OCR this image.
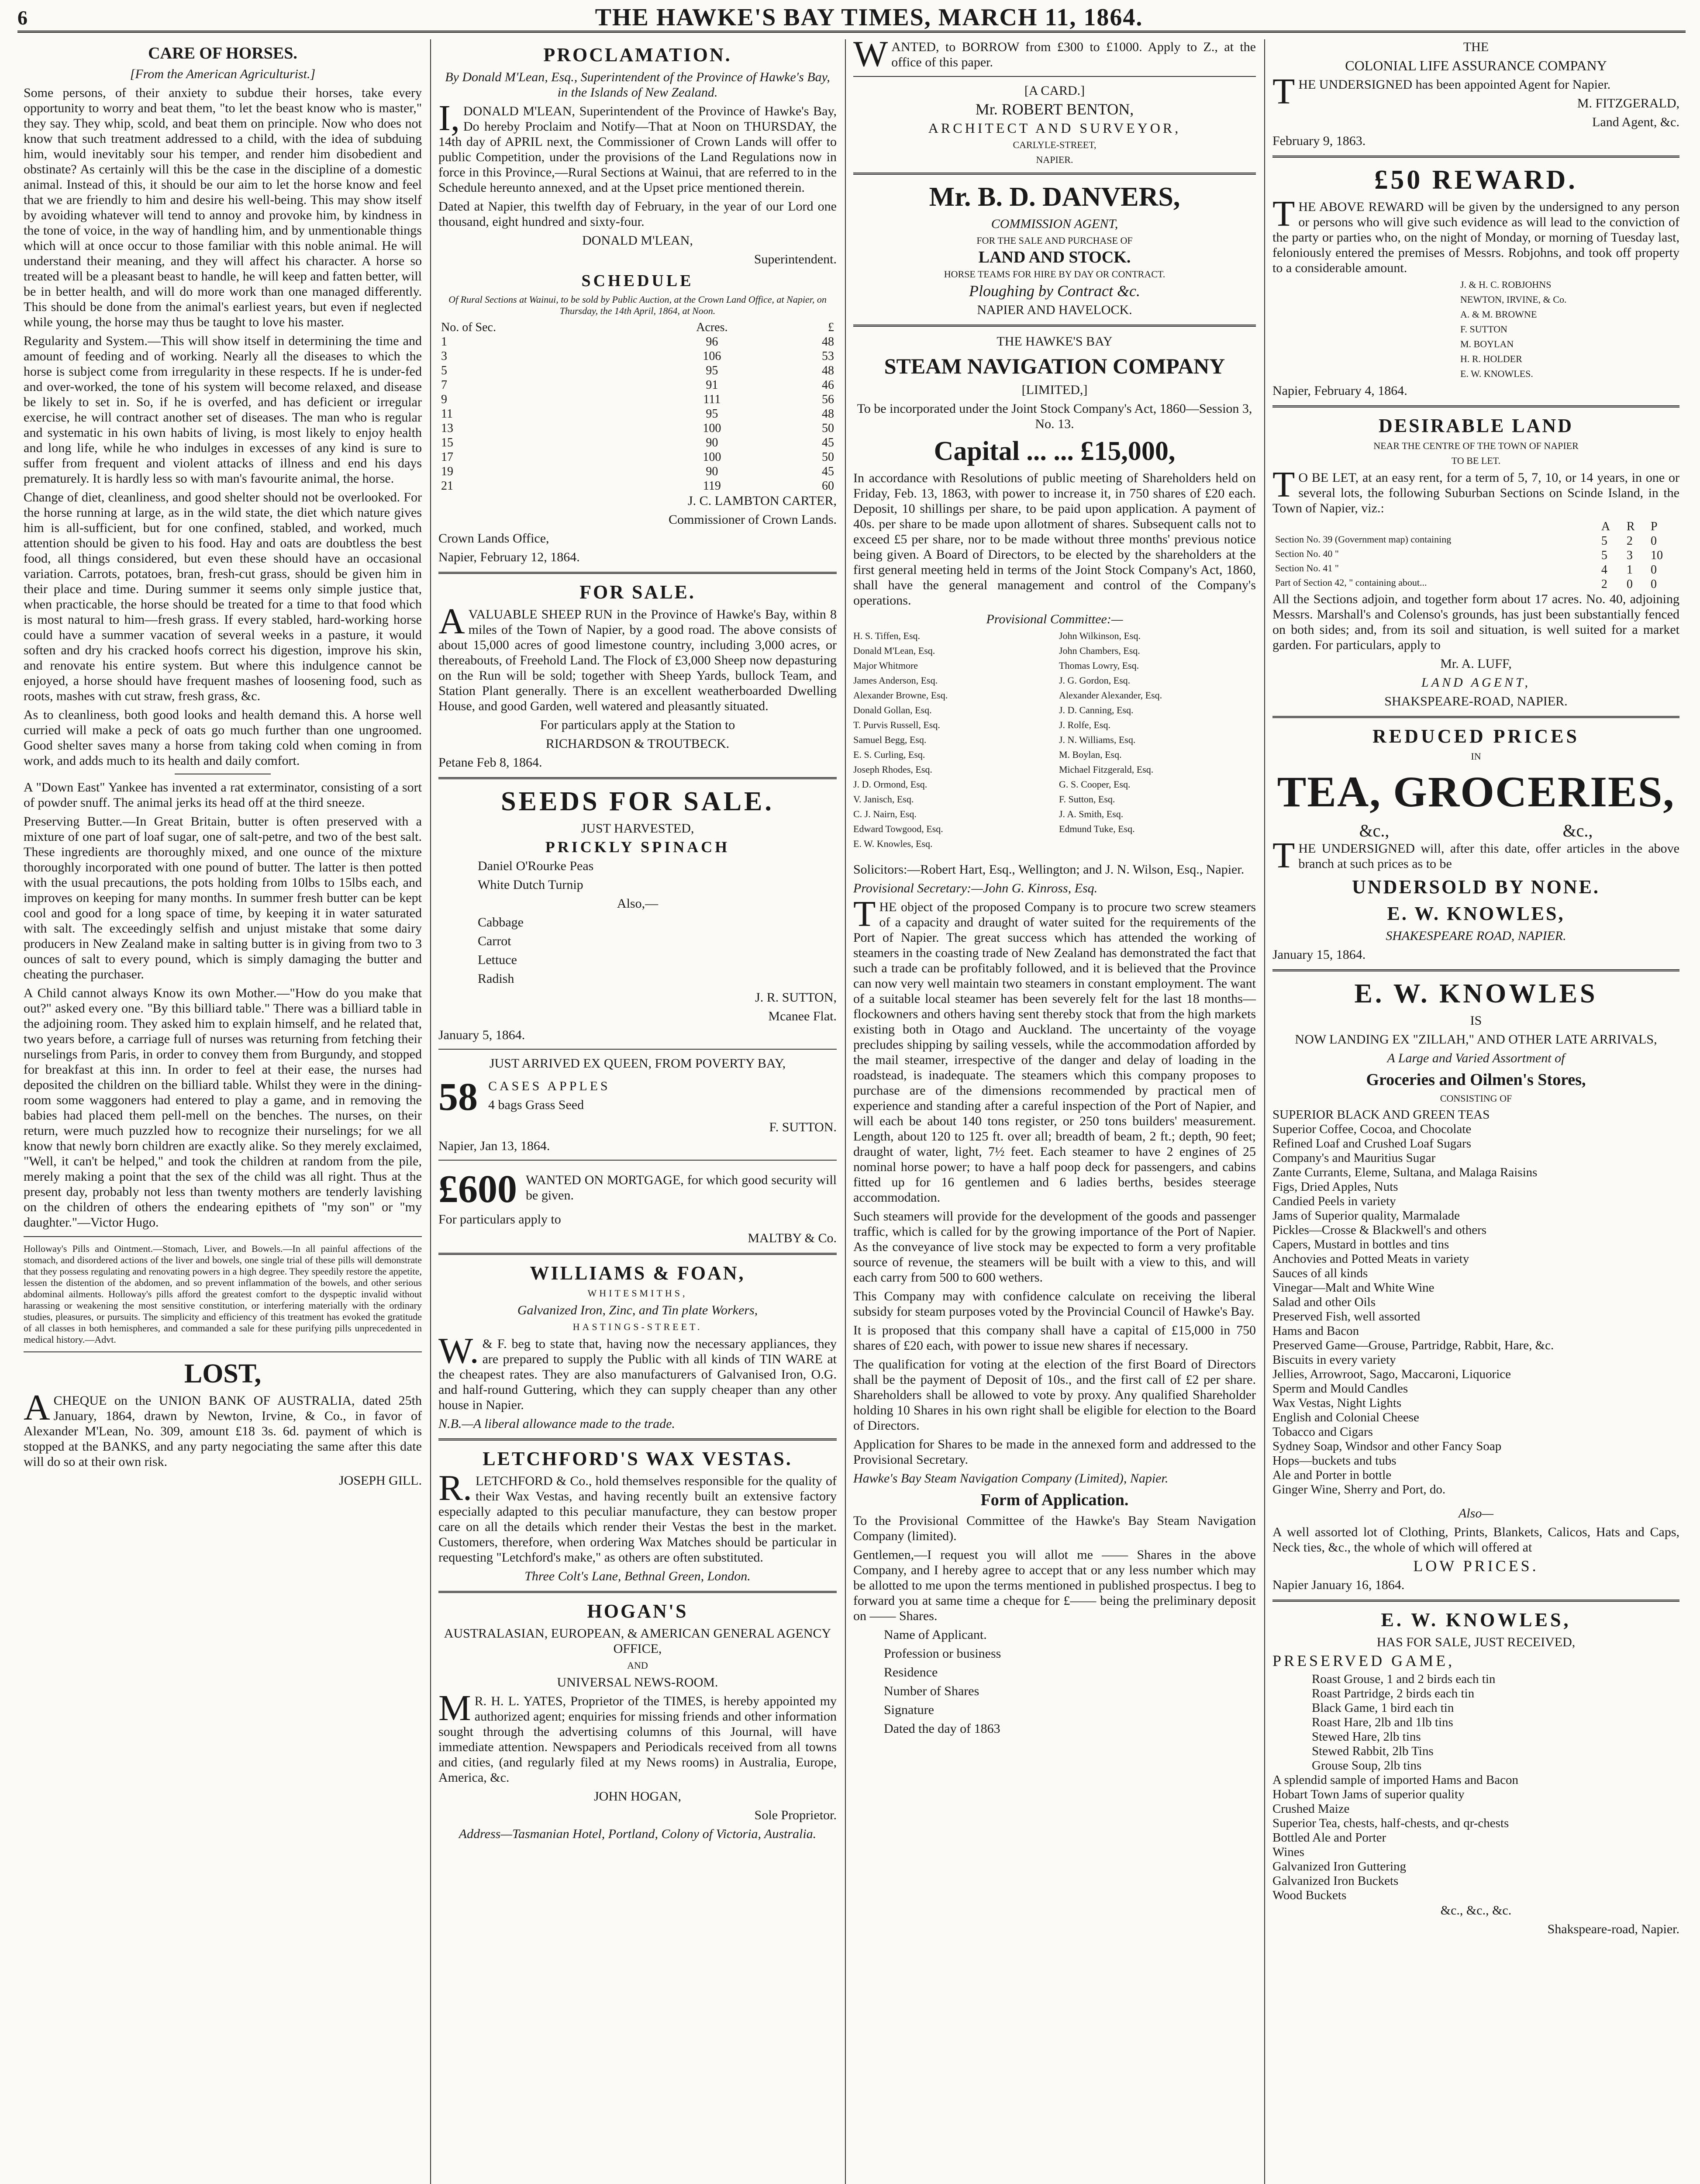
6	THE HAWKE'S BAY TIMES, MARCH 11, 1864.
CARE OF HORSES.

[From the American Agriculturist.]

Some persons, of their anxiety to subdue their horses, take every opportunity to worry and beat them, "to let the beast know who is master," they say. They whip, scold, and beat them on principle. Now who does not know that such treatment addressed to a child, with the idea of subduing him, would inevitably sour his temper, and render him disobedient and obstinate? As certainly will this be the case in the discipline of a domestic animal. Instead of this, it should be our aim to let the horse know and feel that we are friendly to him and desire his well-being. This may show itself by avoiding whatever will tend to annoy and provoke him, by kindness in the tone of voice, in the way of handling him, and by unmentionable things which will at once occur to those familiar with this noble animal. He will understand their meaning, and they will affect his character. A horse so treated will be a pleasant beast to handle, he will keep and fatten better, will be in better health, and will do more work than one managed differently. This should be done from the animal's earliest years, but even if neglected while young, the horse may thus be taught to love his master.

Regularity and System.—This will show itself in determining the time and amount of feeding and of working. Nearly all the diseases to which the horse is subject come from irregularity in these respects. If he is under-fed and over-worked, the tone of his system will become relaxed, and disease be likely to set in. So, if he is overfed, and has deficient or irregular exercise, he will contract another set of diseases. The man who is regular and systematic in his own habits of living, is most likely to enjoy health and long life, while he who indulges in excesses of any kind is sure to suffer from frequent and violent attacks of illness and end his days prematurely. It is hardly less so with man's favourite animal, the horse.

Change of diet, cleanliness, and good shelter should not be overlooked. For the horse running at large, as in the wild state, the diet which nature gives him is all-sufficient, but for one confined, stabled, and worked, much attention should be given to his food. Hay and oats are doubtless the best food, all things considered, but even these should have an occasional variation. Carrots, potatoes, bran, fresh-cut grass, should be given him in their place and time. During summer it seems only simple justice that, when practicable, the horse should be treated for a time to that food which is most natural to him—fresh grass. If every stabled, hard-working horse could have a summer vacation of several weeks in a pasture, it would soften and dry his cracked hoofs correct his digestion, improve his skin, and renovate his entire system. But where this indulgence cannot be enjoyed, a horse should have frequent mashes of loosening food, such as roots, mashes with cut straw, fresh grass, &c.

As to cleanliness, both good looks and health demand this. A horse well curried will make a peck of oats go much further than one ungroomed. Good shelter saves many a horse from taking cold when coming in from work, and adds much to its health and daily comfort.

A "Down East" Yankee has invented a rat exterminator, consisting of a sort of powder snuff. The animal jerks its head off at the third sneeze.

Preserving Butter.—In Great Britain, butter is often preserved with a mixture of one part of loaf sugar, one of salt-petre, and two of the best salt. These ingredients are thoroughly mixed, and one ounce of the mixture thoroughly incorporated with one pound of butter. The latter is then potted with the usual precautions, the pots holding from 10lbs to 15lbs each, and improves on keeping for many months. In summer fresh butter can be kept cool and good for a long space of time, by keeping it in water saturated with salt. The exceedingly selfish and unjust mistake that some dairy producers in New Zealand make in salting butter is in giving from two to 3 ounces of salt to every pound, which is simply damaging the butter and cheating the purchaser.

A Child cannot always Know its own Mother.—"How do you make that out?" asked every one. "By this billiard table." There was a billiard table in the adjoining room. They asked him to explain himself, and he related that, two years before, a carriage full of nurses was returning from fetching their nurselings from Paris, in order to convey them from Burgundy, and stopped for breakfast at this inn. In order to feel at their ease, the nurses had deposited the children on the billiard table. Whilst they were in the dining-room some waggoners had entered to play a game, and in removing the babies had placed them pell-mell on the benches. The nurses, on their return, were much puzzled how to recognize their nurselings; for we all know that newly born children are exactly alike. So they merely exclaimed, "Well, it can't be helped," and took the children at random from the pile, merely making a point that the sex of the child was all right. Thus at the present day, probably not less than twenty mothers are tenderly lavishing on the children of others the endearing epithets of "my son" or "my daughter."—Victor Hugo.

Holloway's Pills and Ointment.—Stomach, Liver, and Bowels.—In all painful affections of the stomach, and disordered actions of the liver and bowels, one single trial of these pills will demonstrate that they possess regulating and renovating powers in a high degree. They speedily restore the appetite, lessen the distention of the abdomen, and so prevent inflammation of the bowels, and other serious abdominal ailments. Holloway's pills afford the greatest comfort to the dyspeptic invalid without harassing or weakening the most sensitive constitution, or interfering materially with the ordinary studies, pleasures, or pursuits. The simplicity and efficiency of this treatment has evoked the gratitude of all classes in both hemispheres, and commanded a sale for these purifying pills unprecedented in medical history.—Advt.

LOST,

ACHEQUE on the UNION BANK OF AUSTRALIA, dated 25th January, 1864, drawn by Newton, Irvine, & Co., in favor of Alexander M'Lean, No. 309, amount £18 3s. 6d. payment of which is stopped at the BANKS, and any party negociating the same after this date will do so at their own risk.

JOSEPH GILL.

PROCLAMATION.

By Donald M'Lean, Esq., Superintendent of the Province of Hawke's Bay, in the Islands of New Zealand.

I,DONALD M'LEAN, Superintendent of the Province of Hawke's Bay, Do hereby Proclaim and Notify—That at Noon on THURSDAY, the 14th day of APRIL next, the Commissioner of Crown Lands will offer to public Competition, under the provisions of the Land Regulations now in force in this Province,—Rural Sections at Wainui, that are referred to in the Schedule hereunto annexed, and at the Upset price mentioned therein.

Dated at Napier, this twelfth day of February, in the year of our Lord one thousand, eight hundred and sixty-four.

DONALD M'LEAN,

Superintendent.

SCHEDULE

Of Rural Sections at Wainui, to be sold by Public Auction, at the Crown Land Office, at Napier, on Thursday, the 14th April, 1864, at Noon.

No. of Sec.	Acres.	£
1	96	48
3	106	53
5	95	48
7	91	46
9	111	56
11	95	48
13	100	50
15	90	45
17	100	50
19	90	45
21	119	60

J. C. LAMBTON CARTER,

Commissioner of Crown Lands.

Crown Lands Office,

Napier, February 12, 1864.

FOR SALE.

AVALUABLE SHEEP RUN in the Province of Hawke's Bay, within 8 miles of the Town of Napier, by a good road. The above consists of about 15,000 acres of good limestone country, including 3,000 acres, or thereabouts, of Freehold Land. The Flock of £3,000 Sheep now depasturing on the Run will be sold; together with Sheep Yards, bullock Team, and Station Plant generally. There is an excellent weatherboarded Dwelling House, and good Garden, well watered and pleasantly situated.

For particulars apply at the Station to

RICHARDSON & TROUTBECK.

Petane Feb 8, 1864.

SEEDS FOR SALE.

JUST HARVESTED,

PRICKLY SPINACH

Daniel O'Rourke Peas

White Dutch Turnip

Also,—

Cabbage

Carrot

Lettuce

Radish

J. R. SUTTON,

Mcanee Flat.

January 5, 1864.

JUST ARRIVED EX QUEEN, FROM POVERTY BAY,

58 CASES APPLES

4 bags Grass Seed

F. SUTTON.

Napier, Jan 13, 1864.

£600 WANTED ON MORTGAGE, for which good security will be given.

For particulars apply to

MALTBY & Co.

WILLIAMS & FOAN,

WHITESMITHS,

Galvanized Iron, Zinc, and Tin plate Workers,

HASTINGS-STREET.

W.& F. beg to state that, having now the necessary appliances, they are prepared to supply the Public with all kinds of TIN WARE at the cheapest rates. They are also manufacturers of Galvanised Iron, O.G. and half-round Guttering, which they can supply cheaper than any other house in Napier.

N.B.—A liberal allowance made to the trade.

LETCHFORD'S WAX VESTAS.

R.LETCHFORD & Co., hold themselves responsible for the quality of their Wax Vestas, and having recently built an extensive factory especially adapted to this peculiar manufacture, they can bestow proper care on all the details which render their Vestas the best in the market. Customers, therefore, when ordering Wax Matches should be particular in requesting "Letchford's make," as others are often substituted.

Three Colt's Lane, Bethnal Green, London.

HOGAN'S

AUSTRALASIAN, EUROPEAN, & AMERICAN GENERAL AGENCY OFFICE,

AND

UNIVERSAL NEWS-ROOM.

MR. H. L. YATES, Proprietor of the TIMES, is hereby appointed my authorized agent; enquiries for missing friends and other information sought through the advertising columns of this Journal, will have immediate attention. Newspapers and Periodicals received from all towns and cities, (and regularly filed at my News rooms) in Australia, Europe, America, &c.

JOHN HOGAN,

Sole Proprietor.

Address—Tasmanian Hotel, Portland, Colony of Victoria, Australia.

WANTED, to BORROW from £300 to £1000. Apply to Z., at the office of this paper.

[A CARD.]

Mr. ROBERT BENTON,

ARCHITECT AND SURVEYOR,

CARLYLE-STREET,

NAPIER.

Mr. B. D. DANVERS,

COMMISSION AGENT,

FOR THE SALE AND PURCHASE OF

LAND AND STOCK.

HORSE TEAMS FOR HIRE BY DAY OR CONTRACT.

Ploughing by Contract &c.

NAPIER AND HAVELOCK.

THE HAWKE'S BAY

STEAM NAVIGATION COMPANY

[LIMITED,]

To be incorporated under the Joint Stock Company's Act, 1860—Session 3, No. 13.

Capital ... ... £15,000,

In accordance with Resolutions of public meeting of Shareholders held on Friday, Feb. 13, 1863, with power to increase it, in 750 shares of £20 each. Deposit, 10 shillings per share, to be paid upon application. A payment of 40s. per share to be made upon allotment of shares. Subsequent calls not to exceed £5 per share, nor to be made without three months' previous notice being given. A Board of Directors, to be elected by the shareholders at the first general meeting held in terms of the Joint Stock Company's Act, 1860, shall have the general management and control of the Company's operations.

Provisional Committee:—

H. S. Tiffen, Esq.

Donald M'Lean, Esq.

Major Whitmore

James Anderson, Esq.

Alexander Browne, Esq.

Donald Gollan, Esq.

T. Purvis Russell, Esq.

Samuel Begg, Esq.

E. S. Curling, Esq.

Joseph Rhodes, Esq.

J. D. Ormond, Esq.

V. Janisch, Esq.

C. J. Nairn, Esq.

Edward Towgood, Esq.

E. W. Knowles, Esq.

John Wilkinson, Esq.

John Chambers, Esq.

Thomas Lowry, Esq.

J. G. Gordon, Esq.

Alexander Alexander, Esq.

J. D. Canning, Esq.

J. Rolfe, Esq.

J. N. Williams, Esq.

M. Boylan, Esq.

Michael Fitzgerald, Esq.

G. S. Cooper, Esq.

F. Sutton, Esq.

J. A. Smith, Esq.

Edmund Tuke, Esq.

Solicitors:—Robert Hart, Esq., Wellington; and J. N. Wilson, Esq., Napier.

Provisional Secretary:—John G. Kinross, Esq.

THE object of the proposed Company is to procure two screw steamers of a capacity and draught of water suited for the requirements of the Port of Napier. The great success which has attended the working of steamers in the coasting trade of New Zealand has demonstrated the fact that such a trade can be profitably followed, and it is believed that the Province can now very well maintain two steamers in constant employment. The want of a suitable local steamer has been severely felt for the last 18 months—flockowners and others having sent thereby stock that from the high markets existing both in Otago and Auckland. The uncertainty of the voyage precludes shipping by sailing vessels, while the accommodation afforded by the mail steamer, irrespective of the danger and delay of loading in the roadstead, is inadequate. The steamers which this company proposes to purchase are of the dimensions recommended by practical men of experience and standing after a careful inspection of the Port of Napier, and will each be about 140 tons register, or 250 tons builders' measurement. Length, about 120 to 125 ft. over all; breadth of beam, 2 ft.; depth, 90 feet; draught of water, light, 7½ feet. Each steamer to have 2 engines of 25 nominal horse power; to have a half poop deck for passengers, and cabins fitted up for 16 gentlemen and 6 ladies berths, besides steerage accommodation.

Such steamers will provide for the development of the goods and passenger traffic, which is called for by the growing importance of the Port of Napier. As the conveyance of live stock may be expected to form a very profitable source of revenue, the steamers will be built with a view to this, and will each carry from 500 to 600 wethers.

This Company may with confidence calculate on receiving the liberal subsidy for steam purposes voted by the Provincial Council of Hawke's Bay.

It is proposed that this company shall have a capital of £15,000 in 750 shares of £20 each, with power to issue new shares if necessary.

The qualification for voting at the election of the first Board of Directors shall be the payment of Deposit of 10s., and the first call of £2 per share. Shareholders shall be allowed to vote by proxy. Any qualified Shareholder holding 10 Shares in his own right shall be eligible for election to the Board of Directors.

Application for Shares to be made in the annexed form and addressed to the Provisional Secretary.

Hawke's Bay Steam Navigation Company (Limited), Napier.

Form of Application.

To the Provisional Committee of the Hawke's Bay Steam Navigation Company (limited).

Gentlemen,—I request you will allot me —— Shares in the above Company, and I hereby agree to accept that or any less number which may be allotted to me upon the terms mentioned in published prospectus. I beg to forward you at same time a cheque for £—— being the preliminary deposit on —— Shares.

Name of Applicant.

Profession or business

Residence

Number of Shares

Signature

Dated the day of 1863

THE

COLONIAL LIFE ASSURANCE COMPANY

THE UNDERSIGNED has been appointed Agent for Napier.

M. FITZGERALD,

Land Agent, &c.

February 9, 1863.

£50 REWARD.

THE ABOVE REWARD will be given by the undersigned to any person or persons who will give such evidence as will lead to the conviction of the party or parties who, on the night of Monday, or morning of Tuesday last, feloniously entered the premises of Messrs. Robjohns, and took off property to a considerable amount.

J. & H. C. ROBJOHNS

NEWTON, IRVINE, & Co.

A. & M. BROWNE

F. SUTTON

M. BOYLAN

H. R. HOLDER

E. W. KNOWLES.

Napier, February 4, 1864.

DESIRABLE LAND

NEAR THE CENTRE OF THE TOWN OF NAPIER

TO BE LET.

TO BE LET, at an easy rent, for a term of 5, 7, 10, or 14 years, in one or several lots, the following Suburban Sections on Scinde Island, in the Town of Napier, viz.:

	A	R	P
Section No. 39 (Government map) containing	5	2	0
Section No. 40 "	5	3	10
Section No. 41 "	4	1	0
Part of Section 42, " containing about...	2	0	0

All the Sections adjoin, and together form about 17 acres. No. 40, adjoining Messrs. Marshall's and Colenso's grounds, has just been substantially fenced on both sides; and, from its soil and situation, is well suited for a market garden. For particulars, apply to

Mr. A. LUFF,

LAND AGENT,

SHAKSPEARE-ROAD, NAPIER.

REDUCED PRICES

IN

TEA, GROCERIES,
&c.,	&c.,

THE UNDERSIGNED will, after this date, offer articles in the above branch at such prices as to be

UNDERSOLD BY NONE.
E. W. KNOWLES,

SHAKESPEARE ROAD, NAPIER.

January 15, 1864.

E. W. KNOWLES

IS

NOW LANDING EX "ZILLAH," AND OTHER LATE ARRIVALS,

A Large and Varied Assortment of

Groceries and Oilmen's Stores,

CONSISTING OF

SUPERIOR BLACK AND GREEN TEAS

Superior Coffee, Cocoa, and Chocolate

Refined Loaf and Crushed Loaf Sugars

Company's and Mauritius Sugar

Zante Currants, Eleme, Sultana, and Malaga Raisins

Figs, Dried Apples, Nuts

Candied Peels in variety

Jams of Superior quality, Marmalade

Pickles—Crosse & Blackwell's and others

Capers, Mustard in bottles and tins

Anchovies and Potted Meats in variety

Sauces of all kinds

Vinegar—Malt and White Wine

Salad and other Oils

Preserved Fish, well assorted

Hams and Bacon

Preserved Game—Grouse, Partridge, Rabbit, Hare, &c.

Biscuits in every variety

Jellies, Arrowroot, Sago, Maccaroni, Liquorice

Sperm and Mould Candles

Wax Vestas, Night Lights

English and Colonial Cheese

Tobacco and Cigars

Sydney Soap, Windsor and other Fancy Soap

Hops—buckets and tubs

Ale and Porter in bottle

Ginger Wine, Sherry and Port, do.

Also—

A well assorted lot of Clothing, Prints, Blankets, Calicos, Hats and Caps, Neck ties, &c., the whole of which will offered at

LOW PRICES.

Napier January 16, 1864.

E. W. KNOWLES,

HAS FOR SALE, JUST RECEIVED,

PRESERVED GAME,

Roast Grouse, 1 and 2 birds each tin

Roast Partridge, 2 birds each tin

Black Game, 1 bird each tin

Roast Hare, 2lb and 1lb tins

Stewed Hare, 2lb tins

Stewed Rabbit, 2lb Tins

Grouse Soup, 2lb tins

A splendid sample of imported Hams and Bacon

Hobart Town Jams of superior quality

Crushed Maize

Superior Tea, chests, half-chests, and qr-chests

Bottled Ale and Porter

Wines

Galvanized Iron Guttering

Galvanized Iron Buckets

Wood Buckets

&c., &c., &c.

Shakspeare-road, Napier.
